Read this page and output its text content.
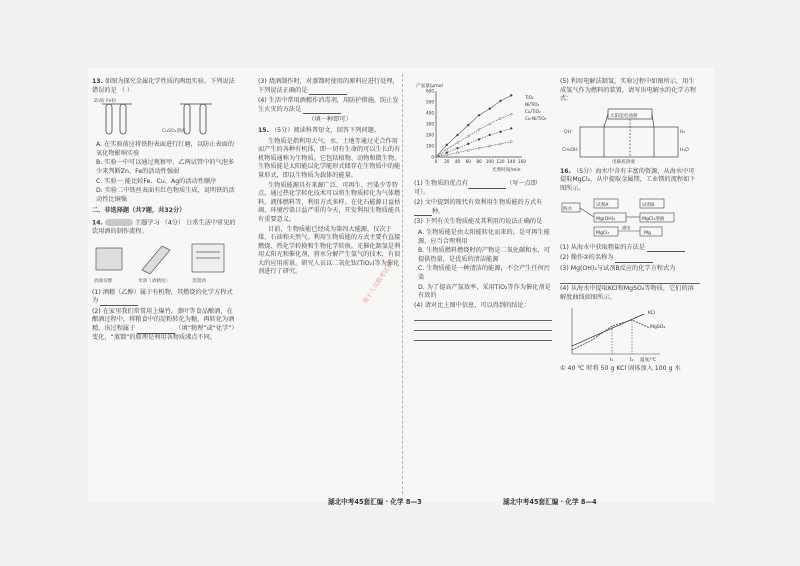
13. 如图为探究金属化学性质的两组实验。下列说法错误的是 （ ）
Zn粉 Fe粉
CuSO₄溶液
A. 在实验前应将铁粉表面进行打磨，以防止表面的氧化物影响实验
B. 实验一中可以通过观察甲、乙两试管中的气泡多少来判断Zn、Fe的活动性强弱
C. 实验一 能比较Fe、Cu、Ag的活动性顺序
D. 实验二中铁丝表面有红色物质生成，说明铁的活动性比铜强
二、非选择题（共7题，共32分）
14.	主题学习 （4分） 日常生活中常见的饮用酒的制作流程。
酒曲发酵	米酒（酒精度）	蒸馏酒
(1) 酒精（乙醇）属于有机物，其燃烧的化学方程式为
(2) 在家里我们常常用上爆竹，蒸叶等食品酿酒，在酿酒过程中，将粮食中的淀粉转化为糖，再转化为酒精，该过程属于	（填“物理”或“化学”）变化，“蒸馏”的原理是利用各物质沸点不同。
(3) 烧酒制作时，对蒸馏时使用的原料应进行处理，下列说法正确的是
(4) 生活中常用酒精作消毒剂，用防护措施，防止发生火灾的方法是
（填一种即可）
15. （5分）阅读科普短文，回答下列问题。

生物质是指利用大气、水、土地等通过光合作用而产生的各种有机体，即一切有生命的可以生长的有机物质通称为生物质。它包括植物、动物和微生物。生物质能是太阳能以化学能形式储存在生物质中的能量形式，即以生物质为载体的能量。

生物质能源具有来源广泛、可再生、污染少等特点。通过热化学转化技术可以将生物质转化为气体燃料、液体燃料等，利用方式多样。在化石能源日益枯竭、环境污染日益严重的今天，开发利用生物质能具有重要意义。

目前，生物质能已经成为第四大能源，仅次于煤、石油和天然气。利用生物质能的方式主要有直接燃烧、热化学转换和生物化学转换。光催化制氢是利用太阳光和催化剂，将水分解产生氢气的技术，有很大的应用前景。研究人员以二氧化钛(TiO₂)等为催化剂进行了研究。

产氢量/μmol
光照时间/min
600
500
400
300
200
100
0
0 20 40 60 80 100 120 140 160
TiO₂
Ni/TiO₂
Cu/TiO₂
Cu-Ni/TiO₂
(1) 生物质的优点有	（写一点即可）。
(2) 文中提到的现代有效利用生物质能的方式有种。
(3) 下列有关生物质能及其利用的说法正确的是
A. 生物质能是由太阳能转化而来的，是可再生能源，应当合理利用
B. 生物质燃料燃烧时的产物是二氧化碳和水，可提供热量，是优质的清洁能源
C. 生物质能是一种清洁的能源，不会产生任何污染
D. 为了提高产氢效率，采用TiO₂等作为催化剂是有效的
(4) 请对比上图中信息，可以得到的结论：
(5) 利用电解法制氢，实验过程中如图所示，用生成氢气作为燃料的装置，请写出电解水的化学方程式：
太阳能电池板
OH⁻	H₂
CH₃OH
电解质溶液
H₂O
16. （5分）海水中含有丰富的资源，从海水中可提取MgCl₂，从中提取金属镁，工业镁的流程如下图所示。
海水
试剂A
Mg(OH)₂
试剂B
MgCl₂溶液
MgCl₂
通电
Mg
(1) 从海水中获取粗盐的方法是
(2) 操作②的名称为
(3) Mg(OH)₂与试剂B反应的化学方程式为
(4) 从海水中提取KCl和MgSO₄等物质，它们的溶解度曲线如图所示。
KCl
MgSO₄
温度/℃
t₁	t₂
① 40 ℃ 时将 50 g KCl 固体加入 100 g 水
第十八次联考试卷
湖北中考45套汇编 · 化学 8—3	湖北中考45套汇编 · 化学 8—4
